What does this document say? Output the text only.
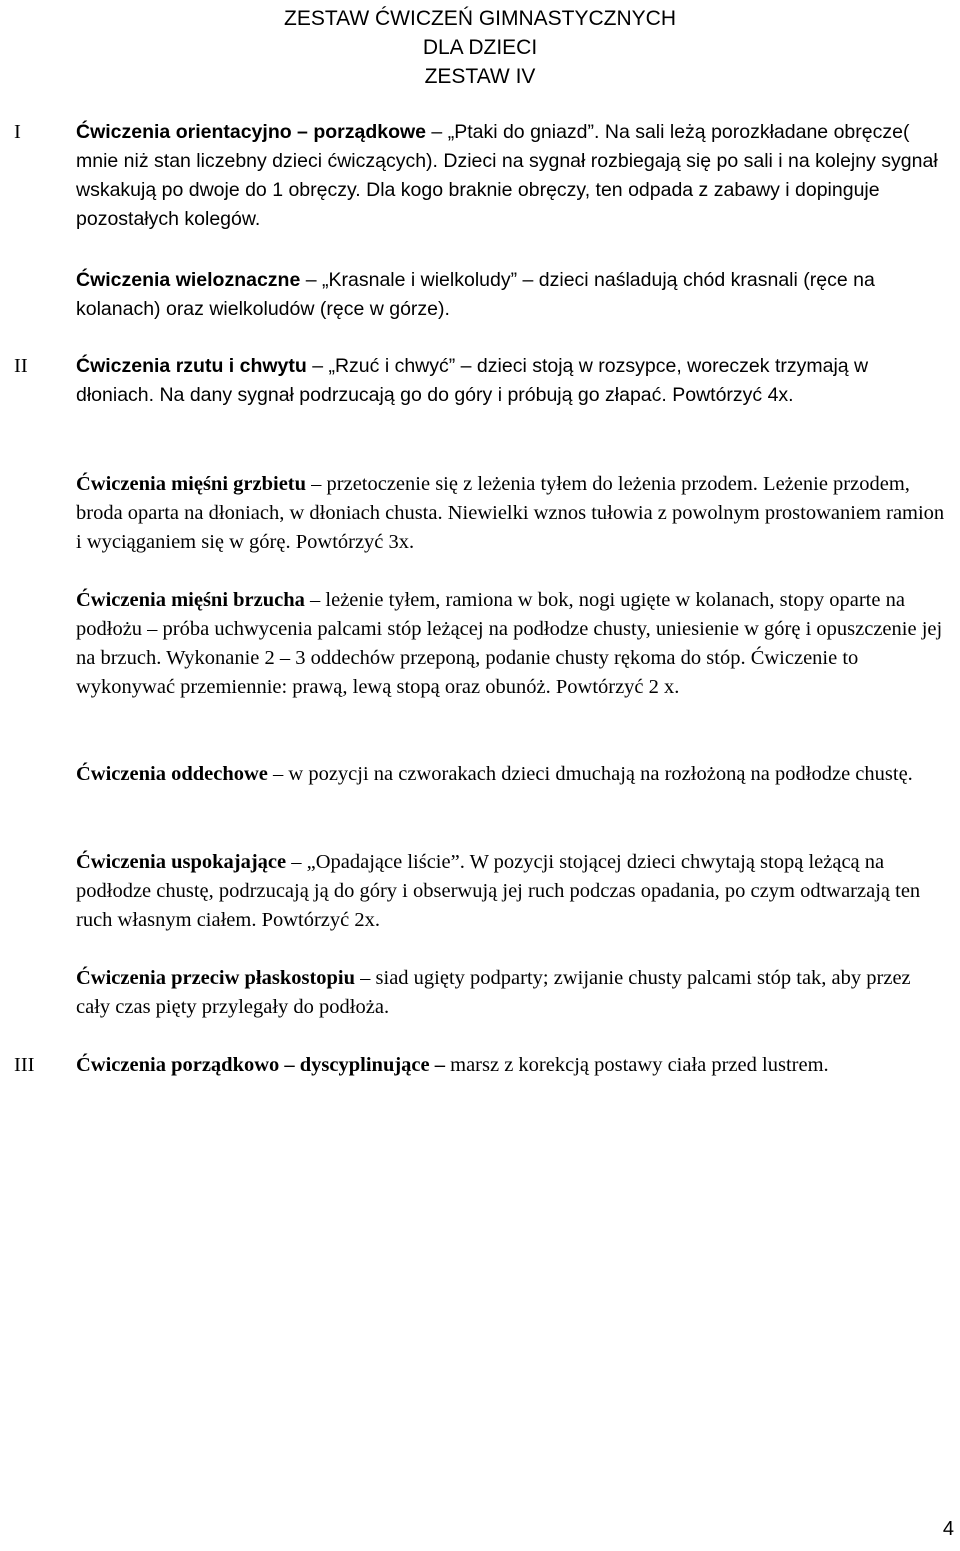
ZESTAW ĆWICZEŃ GIMNASTYCZNYCH
DLA DZIECI
ZESTAW IV
I	Ćwiczenia orientacyjno – porządkowe – „Ptaki do gniazd”. Na sali leżą porozkładane obręcze( mnie niż stan liczebny dzieci ćwiczących). Dzieci na sygnał rozbiegają się po sali i na kolejny sygnał wskakują po dwoje do 1 obręczy. Dla kogo braknie obręczy, ten odpada z zabawy i dopinguje pozostałych kolegów.
Ćwiczenia wieloznaczne – „Krasnale i wielkoludy” – dzieci naśladują chód krasnali (ręce na kolanach) oraz wielkoludów (ręce w górze).
II Ćwiczenia rzutu i chwytu – „Rzuć i chwyć” – dzieci stoją w rozsypce, woreczek trzymają w dłoniach. Na dany sygnał podrzucają go do góry i próbują go złapać. Powtórzyć 4x.
Ćwiczenia mięśni grzbietu – przetoczenie się z leżenia tyłem do leżenia przodem. Leżenie przodem, broda oparta na dłoniach, w dłoniach chusta. Niewielki wznos tułowia z powolnym prostowaniem ramion i wyciąganiem się w górę. Powtórzyć 3x.
Ćwiczenia mięśni brzucha – leżenie tyłem, ramiona w bok, nogi ugięte w kolanach, stopy oparte na podłożu – próba uchwycenia palcami stóp leżącej na podłodze chusty, uniesienie w górę i opuszczenie jej na brzuch. Wykonanie 2 – 3 oddechów przeponą, podanie chusty rękoma do stóp. Ćwiczenie to wykonywać przemiennie: prawą, lewą stopą oraz obunóż. Powtórzyć 2 x.
Ćwiczenia oddechowe – w pozycji na czworakach dzieci dmuchają na rozłożoną na podłodze chustę.
Ćwiczenia uspokajające – „Opadające liście”. W pozycji stojącej dzieci chwytają stopą leżącą na podłodze chustę, podrzucają ją do góry i obserwują jej ruch podczas opadania, po czym odtwarzają ten ruch własnym ciałem. Powtórzyć 2x.
Ćwiczenia przeciw płaskostopiu – siad ugięty podparty; zwijanie chusty palcami stóp tak, aby przez cały czas pięty przylegały do podłoża.
III Ćwiczenia porządkowo – dyscyplinujące – marsz z korekcją postawy ciała przed lustrem.
4
